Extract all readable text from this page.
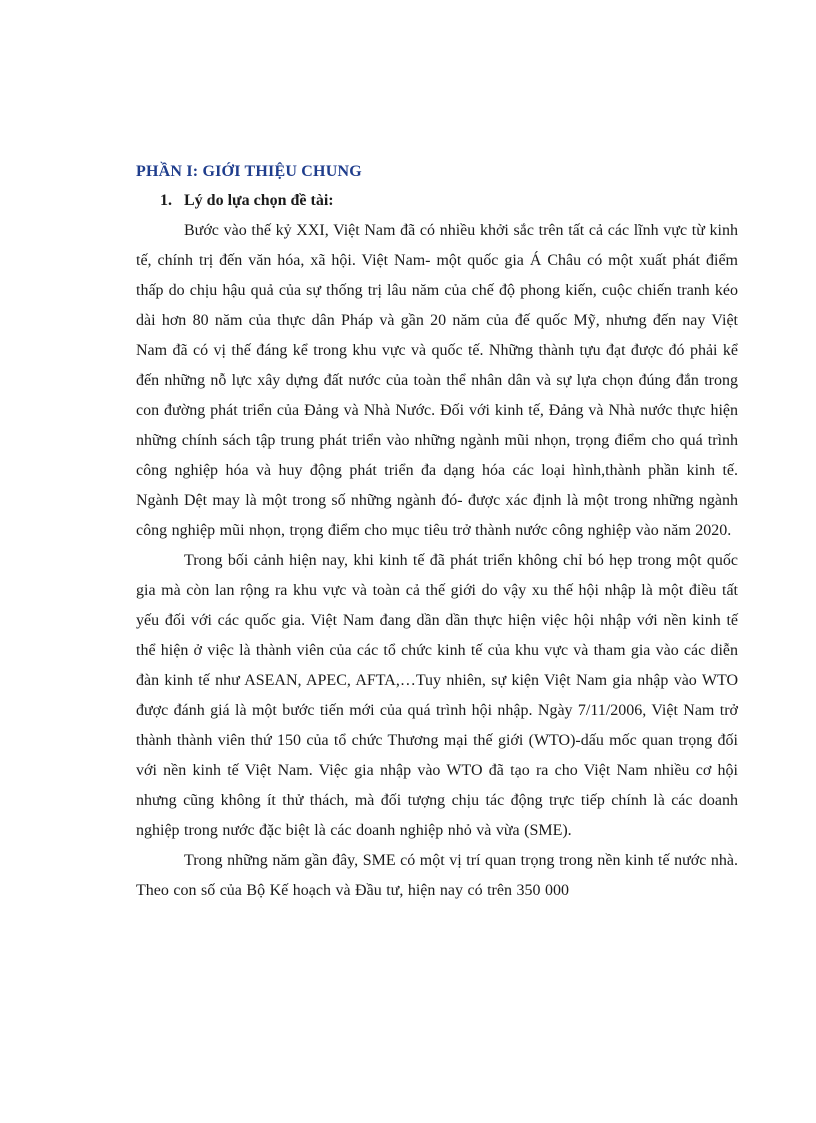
PHẦN I: GIỚI THIỆU CHUNG
1. Lý do lựa chọn đề tài:

Bước vào thế kỷ XXI, Việt Nam đã có nhiều khởi sắc trên tất cả các lĩnh vực từ kinh tế, chính trị đến văn hóa, xã hội. Việt Nam- một quốc gia Á Châu có một xuất phát điểm thấp do chịu hậu quả của sự thống trị lâu năm của chế độ phong kiến, cuộc chiến tranh kéo dài hơn 80 năm của thực dân Pháp và gần 20 năm của đế quốc Mỹ, nhưng đến nay Việt Nam đã có vị thế đáng kể trong khu vực và quốc tế. Những thành tựu đạt được đó phải kể đến những nỗ lực xây dựng đất nước của toàn thể nhân dân và sự lựa chọn đúng đắn trong con đường phát triển của Đảng và Nhà Nước. Đối với kinh tế, Đảng và Nhà nước thực hiện những chính sách tập trung phát triển vào những ngành mũi nhọn, trọng điểm cho quá trình công nghiệp hóa và huy động phát triển đa dạng hóa các loại hình,thành phần kinh tế. Ngành Dệt may là một trong số những ngành đó- được xác định là một trong những ngành công nghiệp mũi nhọn, trọng điểm cho mục tiêu trở thành nước công nghiệp vào năm 2020.

Trong bối cảnh hiện nay, khi kinh tế đã phát triển không chỉ bó hẹp trong một quốc gia mà còn lan rộng ra khu vực và toàn cả thế giới do vậy xu thế hội nhập là một điều tất yếu đối với các quốc gia. Việt Nam đang dần dần thực hiện việc hội nhập với nền kinh tế thể hiện ở việc là thành viên của các tổ chức kinh tế của khu vực và tham gia vào các diễn đàn kinh tế như ASEAN, APEC, AFTA,…Tuy nhiên, sự kiện Việt Nam gia nhập vào WTO được đánh giá là một bước tiến mới của quá trình hội nhập. Ngày 7/11/2006, Việt Nam trở thành thành viên thứ 150 của tổ chức Thương mại thế giới (WTO)-dấu mốc quan trọng đối với nền kinh tế Việt Nam. Việc gia nhập vào WTO đã tạo ra cho Việt Nam nhiều cơ hội nhưng cũng không ít thử thách, mà đối tượng chịu tác động trực tiếp chính là các doanh nghiệp trong nước đặc biệt là các doanh nghiệp nhỏ và vừa (SME).

Trong những năm gần đây, SME có một vị trí quan trọng trong nền kinh tế nước nhà. Theo con số của Bộ Kế hoạch và Đầu tư, hiện nay có trên 350 000
